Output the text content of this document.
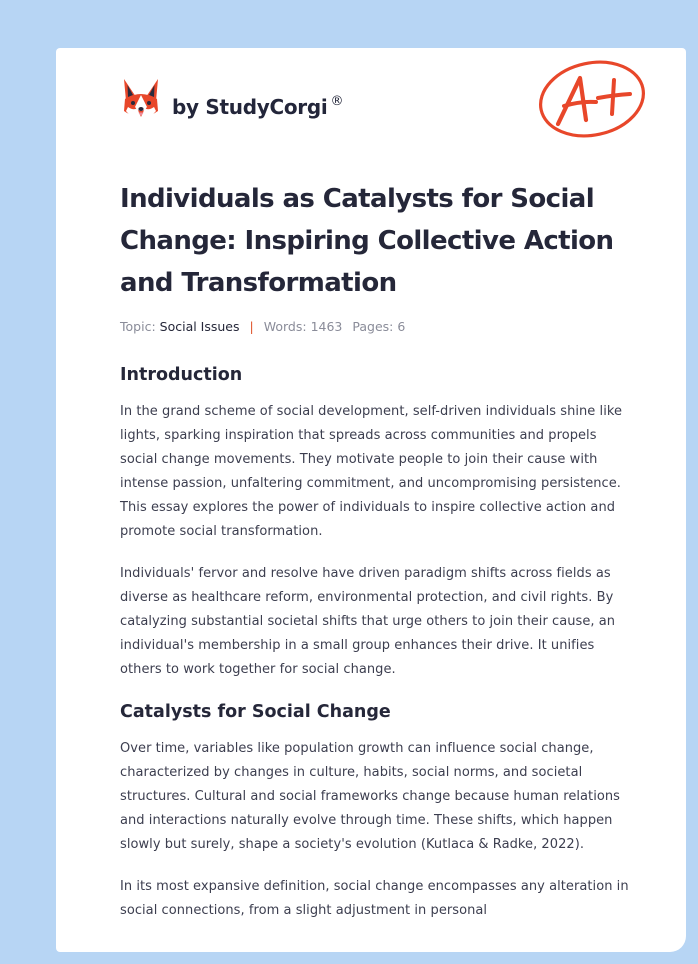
by StudyCorgi ®
Individuals as Catalysts for Social Change: Inspiring Collective Action and Transformation
Topic: Social Issues | Words: 1463 Pages: 6
Introduction

In the grand scheme of social development, self-driven individuals shine like lights, sparking inspiration that spreads across communities and propels social change movements. They motivate people to join their cause with intense passion, unfaltering commitment, and uncompromising persistence. This essay explores the power of individuals to inspire collective action and promote social transformation.

Individuals' fervor and resolve have driven paradigm shifts across fields as diverse as healthcare reform, environmental protection, and civil rights. By catalyzing substantial societal shifts that urge others to join their cause, an individual's membership in a small group enhances their drive. It unifies others to work together for social change.

Catalysts for Social Change

Over time, variables like population growth can influence social change, characterized by changes in culture, habits, social norms, and societal structures. Cultural and social frameworks change because human relations and interactions naturally evolve through time. These shifts, which happen slowly but surely, shape a society's evolution (Kutlaca & Radke, 2022).

In its most expansive definition, social change encompasses any alteration in social connections, from a slight adjustment in personal
